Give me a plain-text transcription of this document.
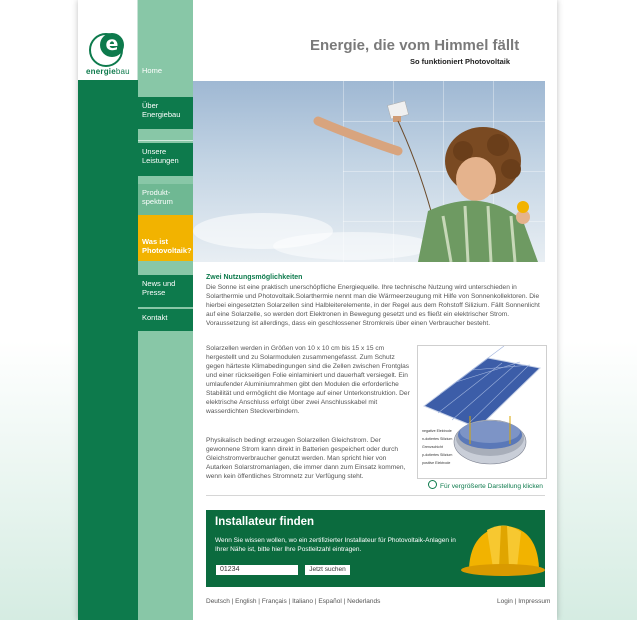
e
energiebau	Home
Über Energiebau
Unsere Leistungen
Produkt-spektrum
Was ist Photovoltaik?
News und Presse
Kontakt
Energie, die vom Himmel fällt
So funktioniert Photovoltaik
Zwei Nutzungsmöglichkeiten
Die Sonne ist eine praktisch unerschöpfliche Energiequelle. Ihre technische Nutzung wird unterschieden in Solarthermie und Photovoltaik.Solarthermie nennt man die Wärmeerzeugung mit Hilfe von Sonnenkollektoren. Die hierbei eingesetzten Solarzellen sind Halbleiterelemente, in der Regel aus dem Rohstoff Silizium. Fällt Sonnenlicht auf eine Solarzelle, so werden dort Elektronen in Bewegung gesetzt und es fließt ein elektrischer Strom. Voraussetzung ist allerdings, dass ein geschlossener Stromkreis über einen Verbraucher besteht.
Solarzellen werden in Größen von 10 x 10 cm bis 15 x 15 cm hergestellt und zu Solarmodulen zusammengefasst. Zum Schutz gegen härteste Klimabedingungen sind die Zellen zwischen Frontglas und einer rückseitigen Folie einlaminiert und dauerhaft versiegelt. Ein umlaufender Aluminiumrahmen gibt den Modulen die erforderliche Stabilität und ermöglicht die Montage auf einer Unterkonstruktion. Der elektrische Anschluss erfolgt über zwei Anschlusskabel mit wasserdichten Steckverbindern.
Physikalisch bedingt erzeugen Solarzellen Gleichstrom. Der gewonnene Strom kann direkt in Batterien gespeichert oder durch Gleichstromverbraucher genutzt werden. Man spricht hier von Autarken Solarstromanlagen, die immer dann zum Einsatz kommen, wenn kein öffentliches Stromnetz zur Verfügung steht.
negative Elektrode
n-dotiertes Silizium
Grenzschicht
p-dotiertes Silizium
positive Elektrode
Für vergrößerte Darstellung klicken
Installateur finden
Wenn Sie wissen wollen, wo ein zertifizierter Installateur für Photovoltaik-Anlagen in Ihrer Nähe ist, bitte hier Ihre Postleitzahl eintragen.
01234
Jetzt suchen
Deutsch | English | Français | Italiano | Español | Nederlands	Login | Impressum
